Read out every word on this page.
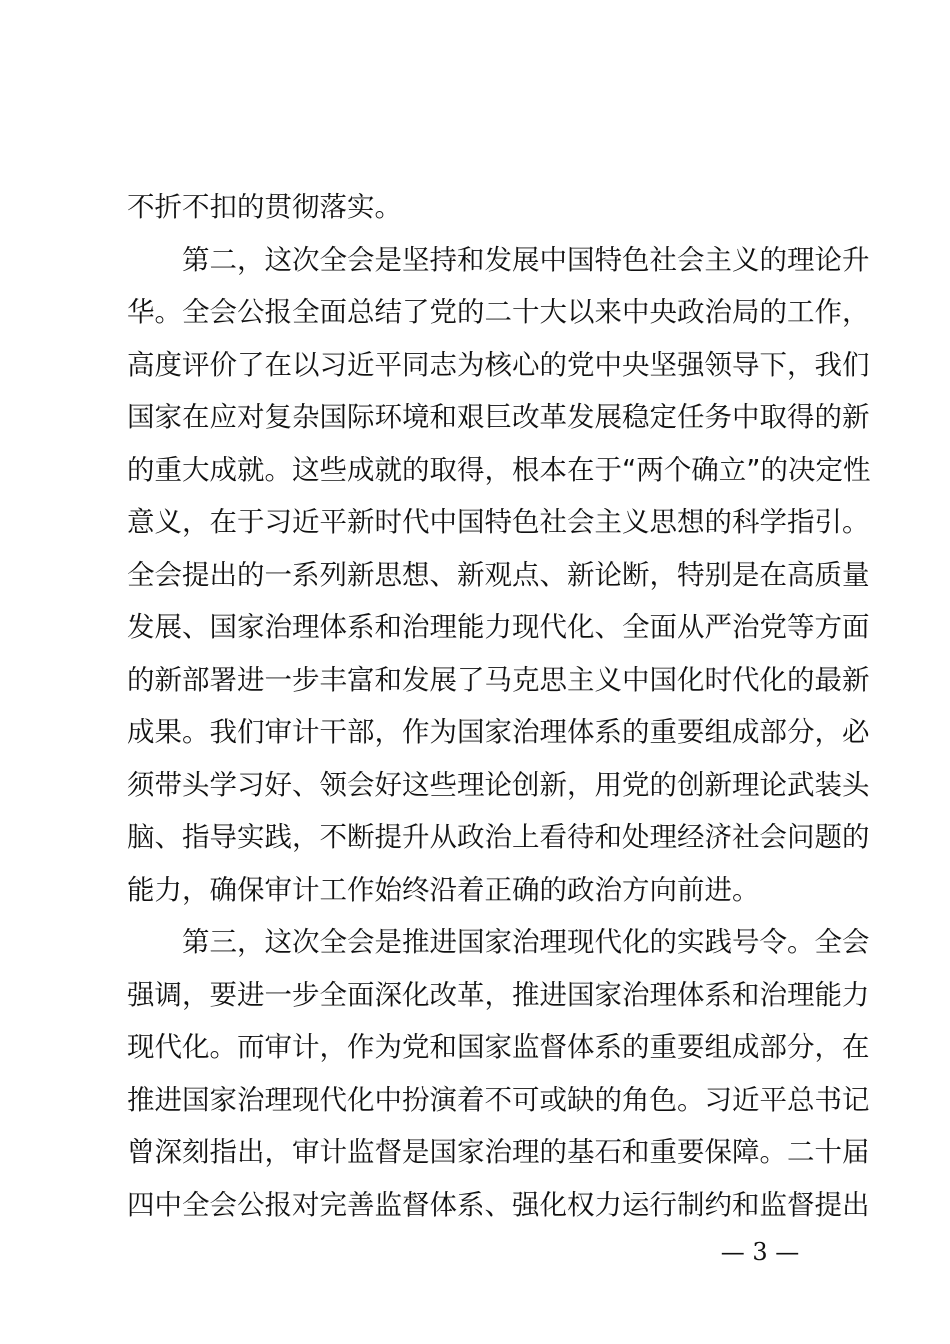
不折不扣的贯彻落实。
　　第二，这次全会是坚持和发展中国特色社会主义的理论升
华。全会公报全面总结了党的二十大以来中央政治局的工作，
高度评价了在以习近平同志为核心的党中央坚强领导下，我们
国家在应对复杂国际环境和艰巨改革发展稳定任务中取得的新
的重大成就。这些成就的取得，根本在于“两个确立”的决定性
意义，在于习近平新时代中国特色社会主义思想的科学指引。
全会提出的一系列新思想、新观点、新论断，特别是在高质量
发展、国家治理体系和治理能力现代化、全面从严治党等方面
的新部署进一步丰富和发展了马克思主义中国化时代化的最新
成果。我们审计干部，作为国家治理体系的重要组成部分，必
须带头学习好、领会好这些理论创新，用党的创新理论武装头
脑、指导实践，不断提升从政治上看待和处理经济社会问题的
能力，确保审计工作始终沿着正确的政治方向前进。
　　第三，这次全会是推进国家治理现代化的实践号令。全会
强调，要进一步全面深化改革，推进国家治理体系和治理能力
现代化。而审计，作为党和国家监督体系的重要组成部分，在
推进国家治理现代化中扮演着不可或缺的角色。习近平总书记
曾深刻指出，审计监督是国家治理的基石和重要保障。二十届
四中全会公报对完善监督体系、强化权力运行制约和监督提出
— 3 —
